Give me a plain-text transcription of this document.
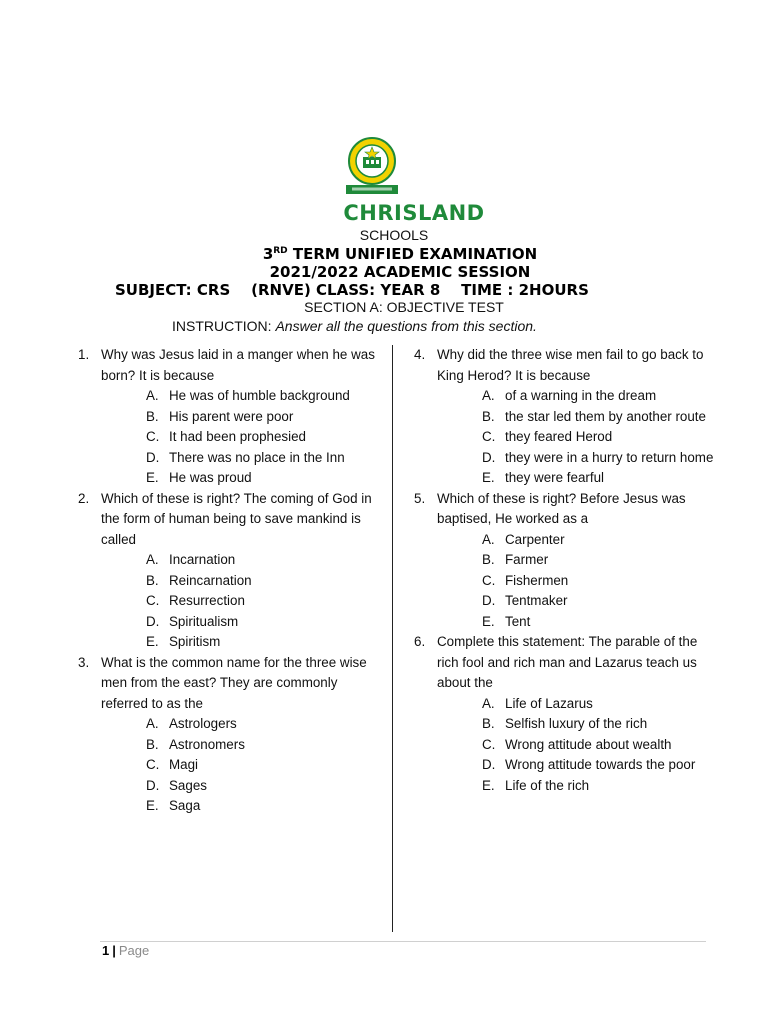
CHRISLAND
SCHOOLS
3RD TERM UNIFIED EXAMINATION
2021/2022 ACADEMIC SESSION
SUBJECT: CRS    (RNVE) CLASS: YEAR 8    TIME : 2HOURS
SECTION A: OBJECTIVE TEST
INSTRUCTION: Answer all the questions from this section.
1. Why was Jesus laid in a manger when he was born? It is because
A. He was of humble background
B. His parent were poor
C. It had been prophesied
D. There was no place in the Inn
E. He was proud
2. Which of these is right? The coming of God in the form of human being to save mankind is called
A. Incarnation
B. Reincarnation
C. Resurrection
D. Spiritualism
E. Spiritism
3. What is the common name for the three wise men from the east? They are commonly referred to as the
A. Astrologers
B. Astronomers
C. Magi
D. Sages
E. Saga
4. Why did the three wise men fail to go back to King Herod? It is because
A. of a warning in the dream
B. the star led them by another route
C. they feared Herod
D. they were in a hurry to return home
E. they were fearful
5. Which of these is right? Before Jesus was baptised, He worked as a
A. Carpenter
B. Farmer
C. Fishermen
D. Tentmaker
E. Tent
6. Complete this statement: The parable of the rich fool and rich man and Lazarus teach us about the
A. Life of Lazarus
B. Selfish luxury of the rich
C. Wrong attitude about wealth
D. Wrong attitude towards the poor
E. Life of the rich
1 | Page
